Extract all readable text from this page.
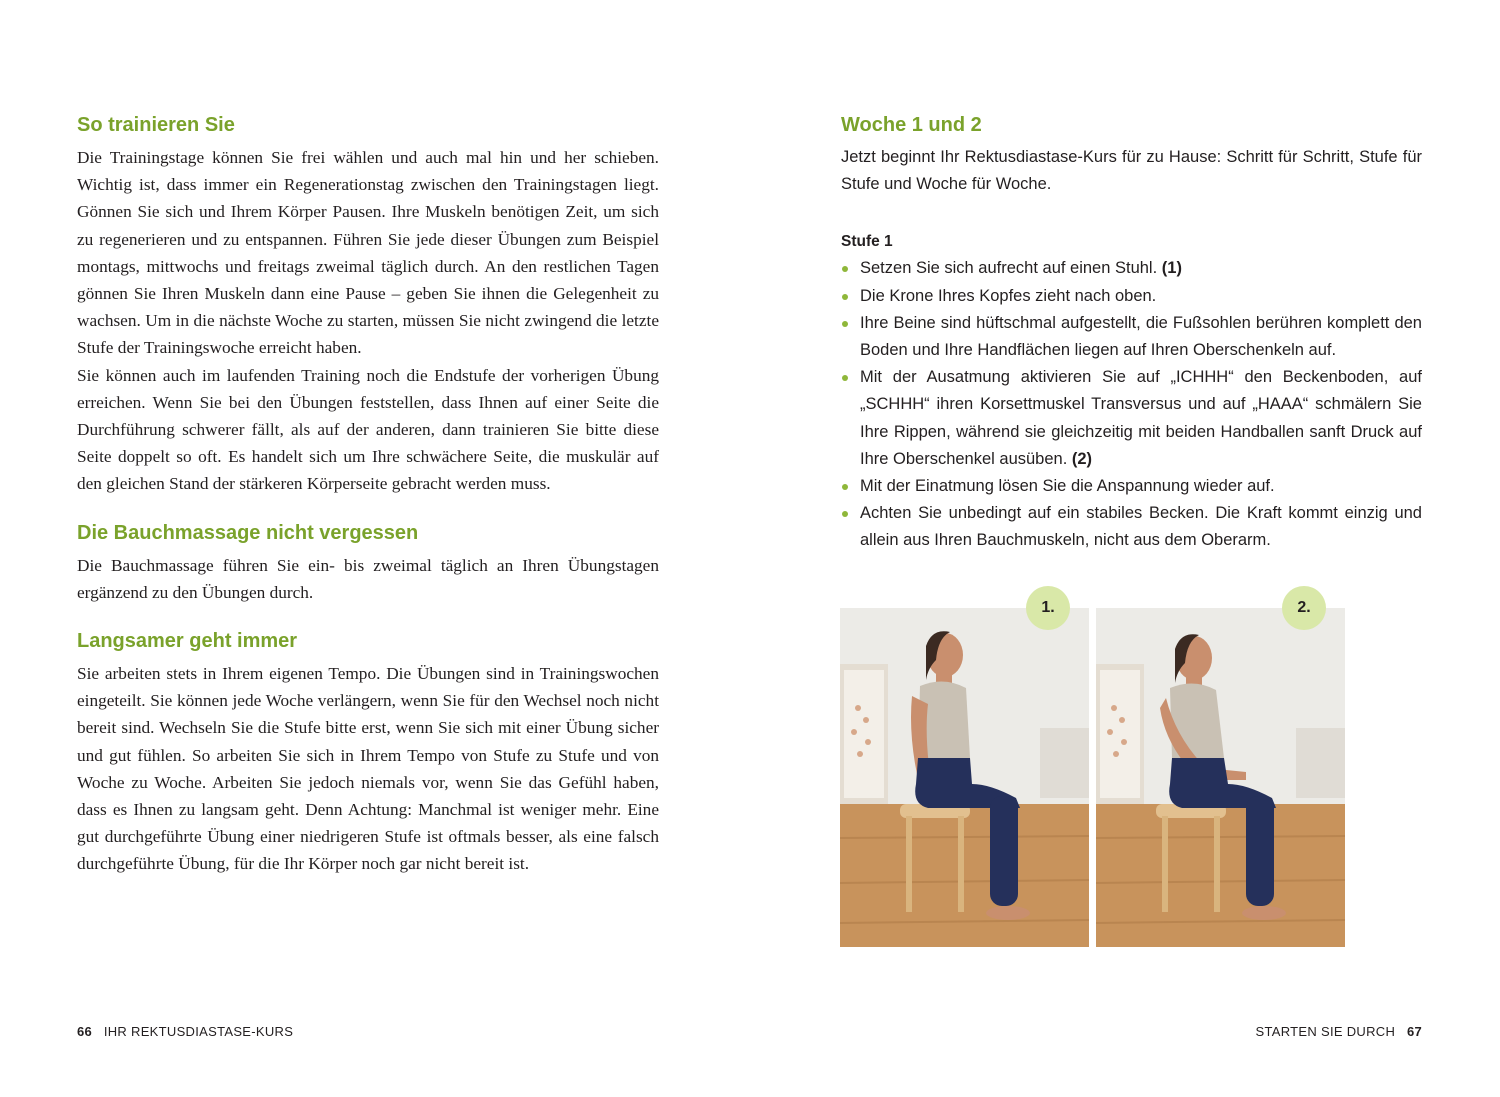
So trainieren Sie

Die Trainingstage können Sie frei wählen und auch mal hin und her schieben. Wichtig ist, dass immer ein Regenerationstag zwischen den Trainingstagen liegt. Gönnen Sie sich und Ihrem Körper Pausen. Ihre Muskeln benötigen Zeit, um sich zu regenerieren und zu entspannen. Führen Sie jede dieser Übungen zum Beispiel montags, mittwochs und freitags zweimal täglich durch. An den restlichen Tagen gönnen Sie Ihren Muskeln dann eine Pause – geben Sie ihnen die Gelegenheit zu wachsen. Um in die nächste Woche zu starten, müssen Sie nicht zwingend die letzte Stufe der Trainingswoche erreicht haben.

Sie können auch im laufenden Training noch die Endstufe der vorherigen Übung erreichen. Wenn Sie bei den Übungen feststellen, dass Ihnen auf einer Seite die Durchführung schwerer fällt, als auf der anderen, dann trainieren Sie bitte diese Seite doppelt so oft. Es handelt sich um Ihre schwächere Seite, die muskulär auf den gleichen Stand der stärkeren Körperseite gebracht werden muss.

Die Bauchmassage nicht vergessen

Die Bauchmassage führen Sie ein- bis zweimal täglich an Ihren Übungstagen ergänzend zu den Übungen durch.

Langsamer geht immer

Sie arbeiten stets in Ihrem eigenen Tempo. Die Übungen sind in Trainingswochen eingeteilt. Sie können jede Woche verlängern, wenn Sie für den Wechsel noch nicht bereit sind. Wechseln Sie die Stufe bitte erst, wenn Sie sich mit einer Übung sicher und gut fühlen. So arbeiten Sie sich in Ihrem Tempo von Stufe zu Stufe und von Woche zu Woche. Arbeiten Sie jedoch niemals vor, wenn Sie das Gefühl haben, dass es Ihnen zu langsam geht. Denn Achtung: Manchmal ist weniger mehr. Eine gut durchgeführte Übung einer niedrigeren Stufe ist oftmals besser, als eine falsch durchgeführte Übung, für die Ihr Körper noch gar nicht bereit ist.

Woche 1 und 2

Jetzt beginnt Ihr Rektusdiastase-Kurs für zu Hause: Schritt für Schritt, Stufe für Stufe und Woche für Woche.

Stufe 1
Setzen Sie sich aufrecht auf einen Stuhl. (1)
Die Krone Ihres Kopfes zieht nach oben.
Ihre Beine sind hüftschmal aufgestellt, die Fußsohlen berühren komplett den Boden und Ihre Handflächen liegen auf Ihren Oberschenkeln auf.
Mit der Ausatmung aktivieren Sie auf „ICHHH“ den Beckenboden, auf „SCHHH“ ihren Korsettmuskel Transversus und auf „HAAA“ schmälern Sie Ihre Rippen, während sie gleichzeitig mit beiden Handballen sanft Druck auf Ihre Oberschenkel ausüben. (2)
Mit der Einatmung lösen Sie die Anspannung wieder auf.
Achten Sie unbedingt auf ein stabiles Becken. Die Kraft kommt einzig und allein aus Ihren Bauchmuskeln, nicht aus dem Oberarm.
1.	2.
66 IHR REKTUSDIASTASE-KURS	STARTEN SIE DURCH 67
